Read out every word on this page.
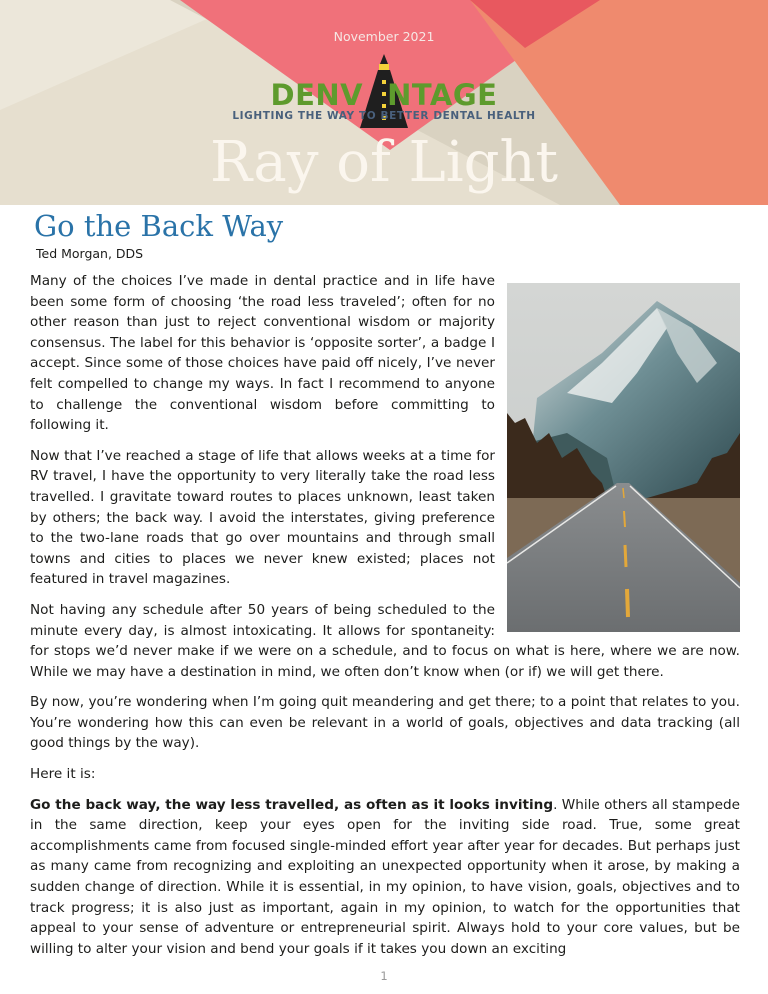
November 2021
DENV NTAGE
LIGHTING THE WAY TO BETTER DENTAL HEALTH
Ray of Light
Go the Back Way
Ted Morgan, DDS

Many of the choices I’ve made in dental practice and in life have been some form of choosing ‘the road less traveled’; often for no other reason than just to reject conventional wisdom or majority consensus. The label for this behavior is ‘opposite sorter’, a badge I accept. Since some of those choices have paid off nicely, I’ve never felt compelled to change my ways. In fact I recommend to anyone to challenge the conventional wisdom before committing to following it.

Now that I’ve reached a stage of life that allows weeks at a time for RV travel, I have the opportunity to very literally take the road less travelled. I gravitate toward routes to places unknown, least taken by others; the back way. I avoid the interstates, giving preference to the two-lane roads that go over mountains and through small towns and cities to places we never knew existed; places not featured in travel magazines.

Not having any schedule after 50 years of being scheduled to the minute every day, is almost intoxicating. It allows for spontaneity: for stops we’d never make if we were on a schedule, and to focus on what is here, where we are now. While we may have a destination in mind, we often don’t know when (or if) we will get there.

By now, you’re wondering when I’m going quit meandering and get there; to a point that relates to you. You’re wondering how this can even be relevant in a world of goals, objectives and data tracking (all good things by the way).

Here it is:

Go the back way, the way less travelled, as often as it looks inviting. While others all stampede in the same direction, keep your eyes open for the inviting side road. True, some great accomplishments came from focused single-minded effort year after year for decades. But perhaps just as many came from recognizing and exploiting an unexpected opportunity when it arose, by making a sudden change of direction. While it is essential, in my opinion, to have vision, goals, objectives and to track progress; it is also just as important, again in my opinion, to watch for the opportunities that appeal to your sense of adventure or entrepreneurial spirit. Always hold to your core values, but be willing to alter your vision and bend your goals if it takes you down an exciting

1
